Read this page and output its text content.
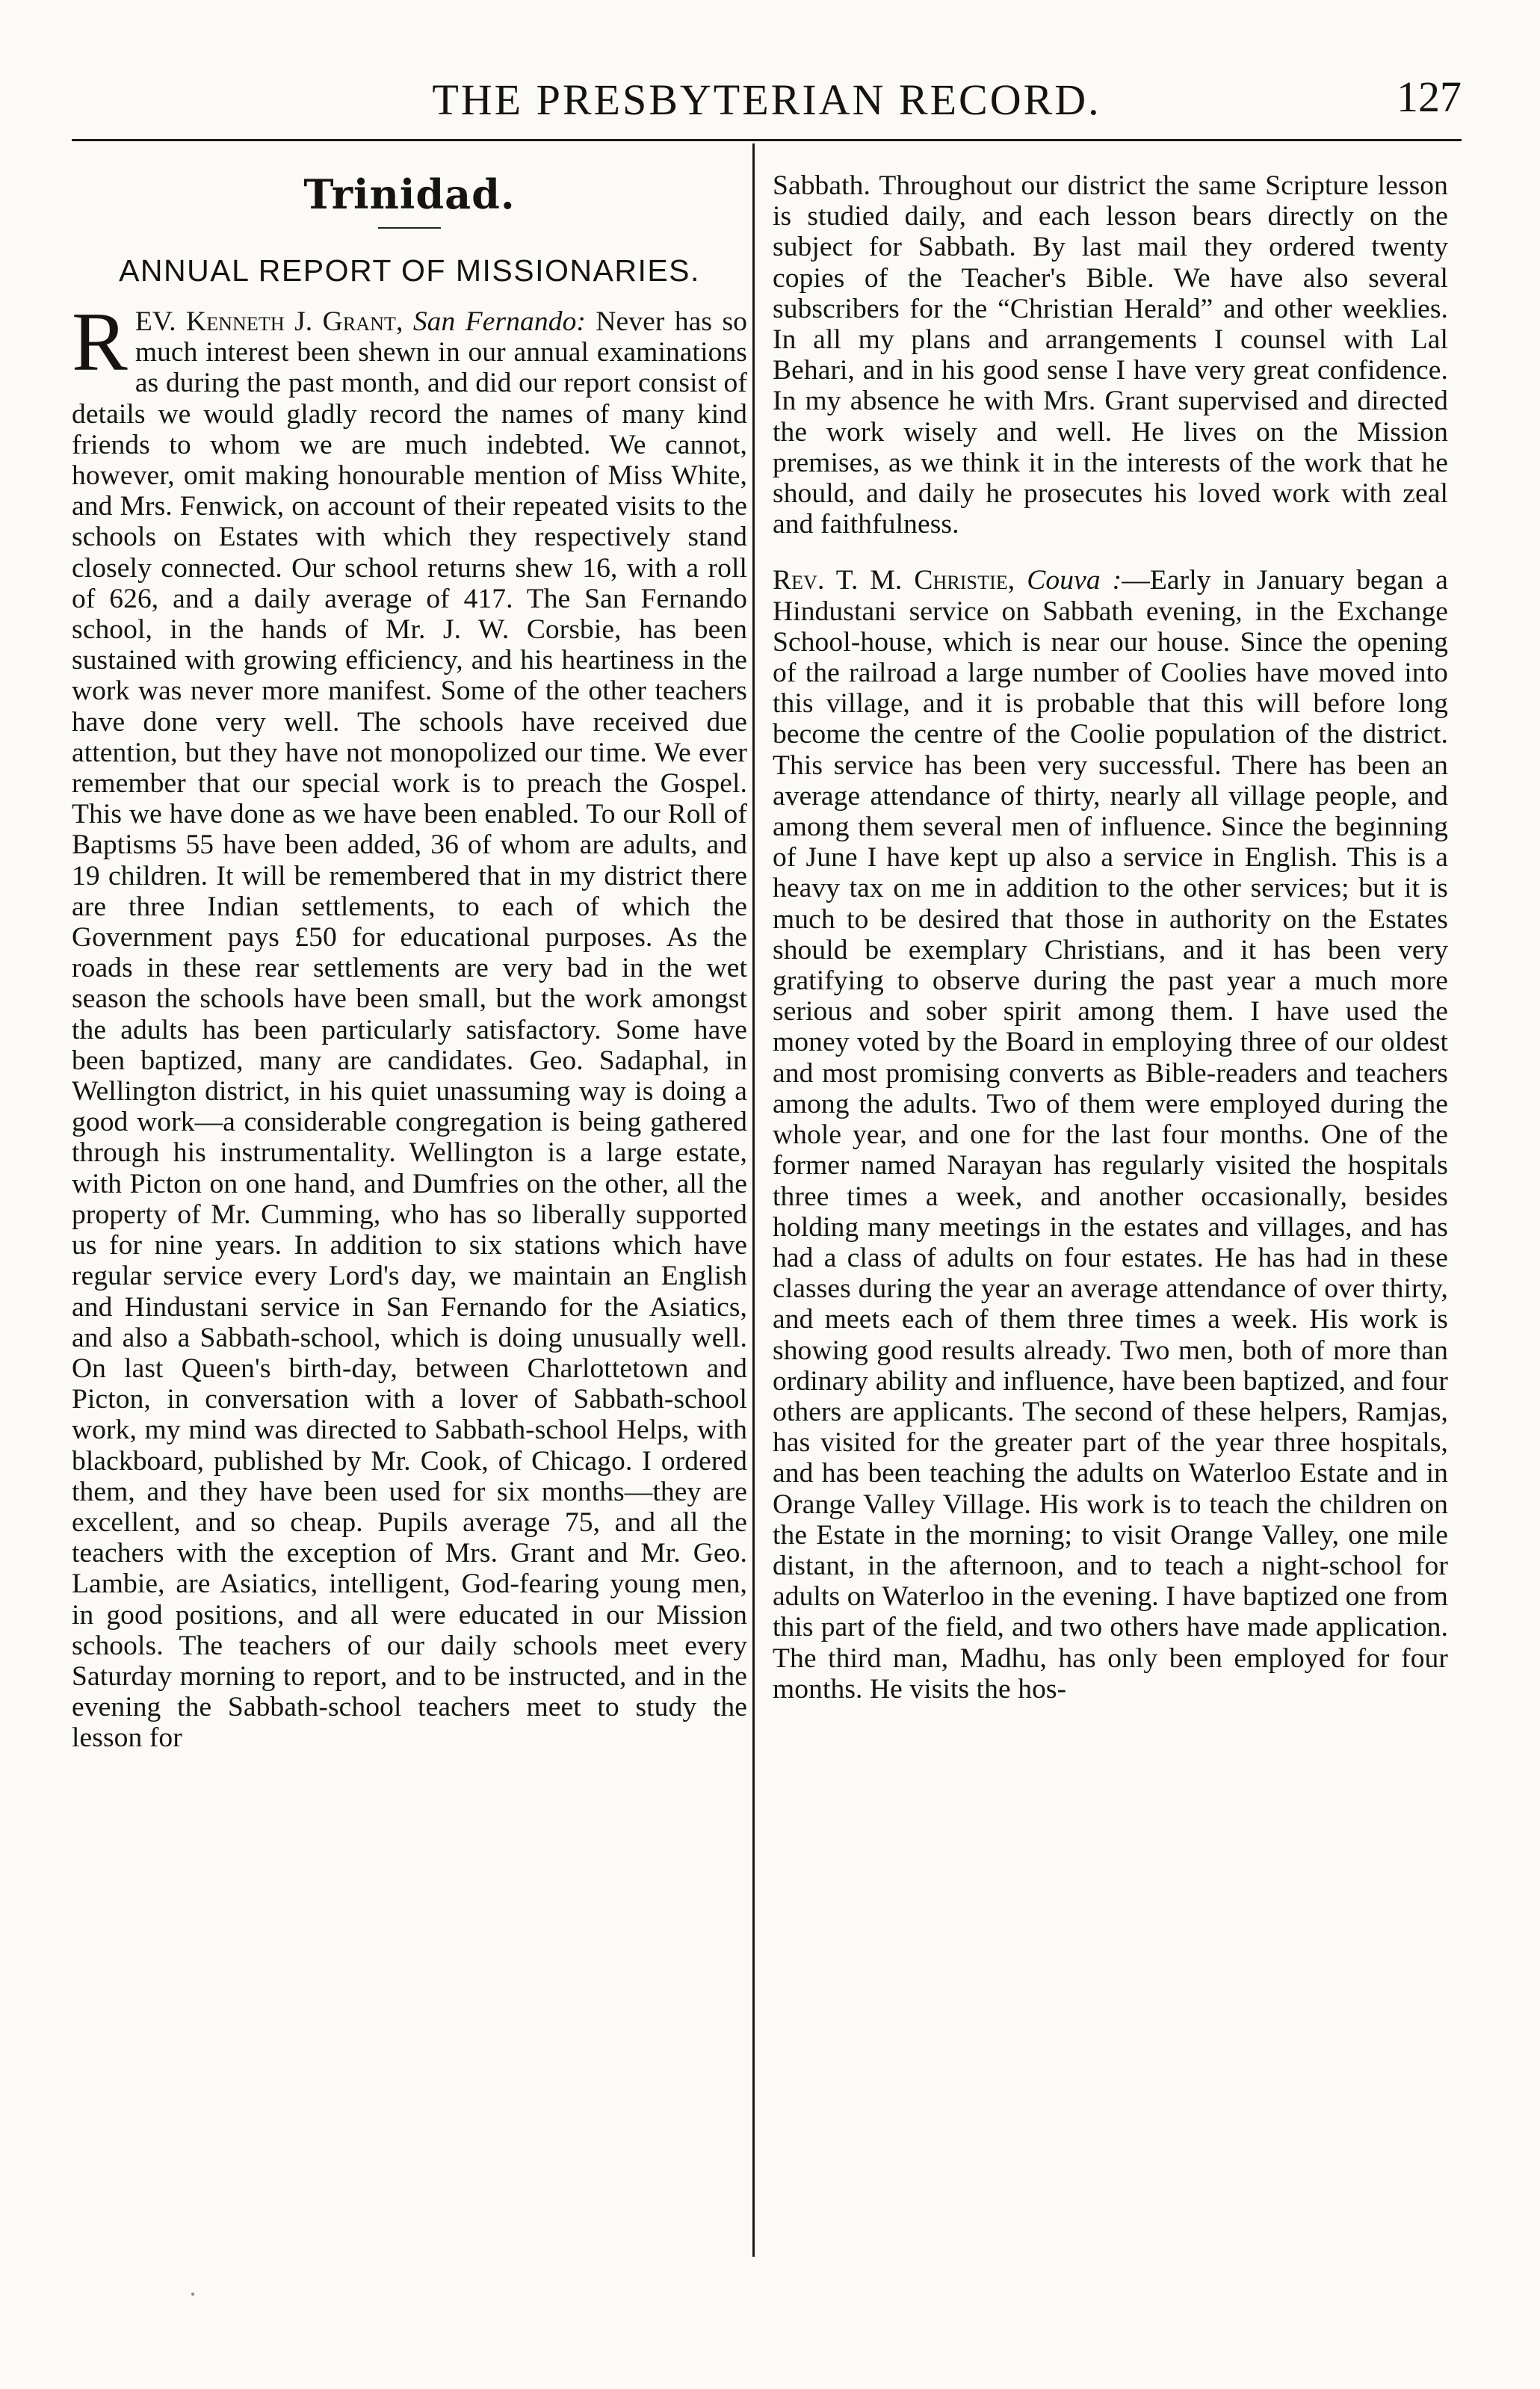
THE PRESBYTERIAN RECORD.	127
Trinidad.
ANNUAL REPORT OF MISSIONARIES.

R EV. Kenneth J. Grant, San Fernando: Never has so much interest been shewn in our annual examinations as during the past month, and did our report consist of details we would gladly record the names of many kind friends to whom we are much indebted. We cannot, however, omit making honourable mention of Miss White, and Mrs. Fenwick, on account of their repeated visits to the schools on Estates with which they respectively stand closely connected. Our school returns shew 16, with a roll of 626, and a daily average of 417. The San Fernando school, in the hands of Mr. J. W. Corsbie, has been sustained with growing efficiency, and his heartiness in the work was never more manifest. Some of the other teachers have done very well. The schools have received due attention, but they have not monopolized our time. We ever remember that our special work is to preach the Gospel. This we have done as we have been enabled. To our Roll of Baptisms 55 have been added, 36 of whom are adults, and 19 children. It will be remembered that in my district there are three Indian settlements, to each of which the Government pays £50 for educational purposes. As the roads in these rear settlements are very bad in the wet season the schools have been small, but the work amongst the adults has been particularly satisfactory. Some have been baptized, many are candidates. Geo. Sadaphal, in Wellington district, in his quiet unassuming way is doing a good work—a considerable congregation is being gathered through his instrumentality. Wellington is a large estate, with Picton on one hand, and Dumfries on the other, all the property of Mr. Cumming, who has so liberally supported us for nine years. In addition to six stations which have regular service every Lord's day, we maintain an English and Hindustani service in San Fernando for the Asiatics, and also a Sabbath-school, which is doing unusually well. On last Queen's birth-day, between Charlottetown and Picton, in conversation with a lover of Sabbath-school work, my mind was directed to Sabbath-school Helps, with blackboard, published by Mr. Cook, of Chicago. I ordered them, and they have been used for six months—they are excellent, and so cheap. Pupils average 75, and all the teachers with the exception of Mrs. Grant and Mr. Geo. Lambie, are Asiatics, intelligent, God-fearing young men, in good positions, and all were educated in our Mission schools. The teachers of our daily schools meet every Saturday morning to report, and to be instructed, and in the evening the Sabbath-school teachers meet to study the lesson for

Sabbath. Throughout our district the same Scripture lesson is studied daily, and each lesson bears directly on the subject for Sabbath. By last mail they ordered twenty copies of the Teacher's Bible. We have also several subscribers for the “Christian Herald” and other weeklies. In all my plans and arrangements I counsel with Lal Behari, and in his good sense I have very great confidence. In my absence he with Mrs. Grant supervised and directed the work wisely and well. He lives on the Mission premises, as we think it in the interests of the work that he should, and daily he prosecutes his loved work with zeal and faithfulness.

Rev. T. M. Christie, Couva :—Early in January began a Hindustani service on Sabbath evening, in the Exchange School-house, which is near our house. Since the opening of the railroad a large number of Coolies have moved into this village, and it is probable that this will before long become the centre of the Coolie population of the district. This service has been very successful. There has been an average attendance of thirty, nearly all village people, and among them several men of influence. Since the beginning of June I have kept up also a service in English. This is a heavy tax on me in addition to the other services; but it is much to be desired that those in authority on the Estates should be exemplary Christians, and it has been very gratifying to observe during the past year a much more serious and sober spirit among them. I have used the money voted by the Board in employing three of our oldest and most promising converts as Bible-readers and teachers among the adults. Two of them were employed during the whole year, and one for the last four months. One of the former named Narayan has regularly visited the hospitals three times a week, and another occasionally, besides holding many meetings in the estates and villages, and has had a class of adults on four estates. He has had in these classes during the year an average attendance of over thirty, and meets each of them three times a week. His work is showing good results already. Two men, both of more than ordinary ability and influence, have been baptized, and four others are applicants. The second of these helpers, Ramjas, has visited for the greater part of the year three hospitals, and has been teaching the adults on Waterloo Estate and in Orange Valley Village. His work is to teach the children on the Estate in the morning; to visit Orange Valley, one mile distant, in the afternoon, and to teach a night-school for adults on Waterloo in the evening. I have baptized one from this part of the field, and two others have made application. The third man, Madhu, has only been employed for four months. He visits the hos-
